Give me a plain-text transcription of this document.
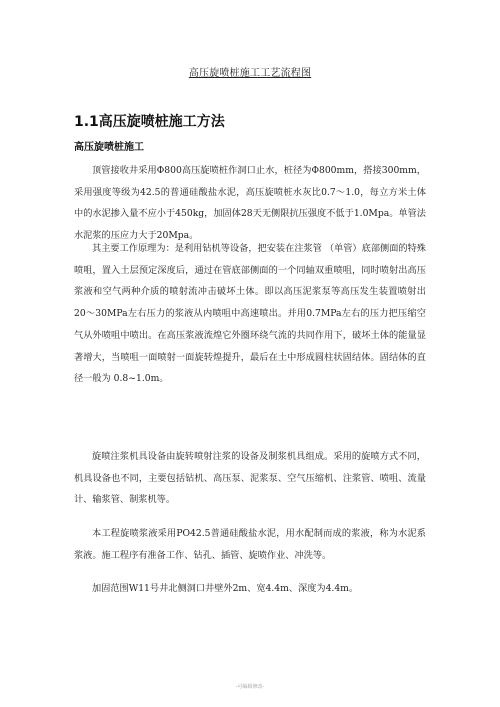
高压旋喷桩施工工艺流程图
1.1高压旋喷桩施工方法
高压旋喷桩施工

顶管接收井采用Φ800高压旋喷桩作洞口止水，桩径为Φ800mm，搭接300mm，采用强度等级为42.5的普通硅酸盐水泥，高压旋喷桩水灰比0.7～1.0，每立方米土体中的水泥掺入量不应小于450kg，加固体28天无侧限抗压强度不低于1.0Mpa。单管法水泥浆的压应力大于20Mpa。

其主要工作原理为：是利用钻机等设备，把安装在注浆管 （单管）底部侧面的特殊喷咀，置入土层预定深度后，通过在管底部侧面的一个同轴双重喷咀，同时喷射出高压浆液和空气两种介质的喷射流冲击破坏土体。即以高压泥浆泵等高压发生装置喷射出 20～30MPa左右压力的浆液从内喷咀中高速喷出。并用0.7MPa左右的压力把压缩空气从外喷咀中喷出。在高压浆液流煌它外圈环绕气流的共同作用下，破坏土体的能量显著增大，当喷咀一面喷射一面旋转煌提升，最后在土中形成圆柱状固结体。固结体的直径一般为 0.8~1.0m。

旋喷注浆机具设备由旋转喷射注浆的设备及制浆机具组成。采用的旋喷方式不同，机具设备也不同，主要包括钻机、高压泵、泥浆泵、空气压缩机、注浆管、喷咀、流量计、输浆管、制浆机等。

本工程旋喷浆液采用PO42.5普通硅酸盐水泥，用水配制而成的浆液，称为水泥系浆液。施工程序有准备工作、钻孔、插管、旋喷作业、冲洗等。

加固范围W11号井北侧洞口井壁外2m、宽4.4m、深度为4.4m。

-可编辑修改-
